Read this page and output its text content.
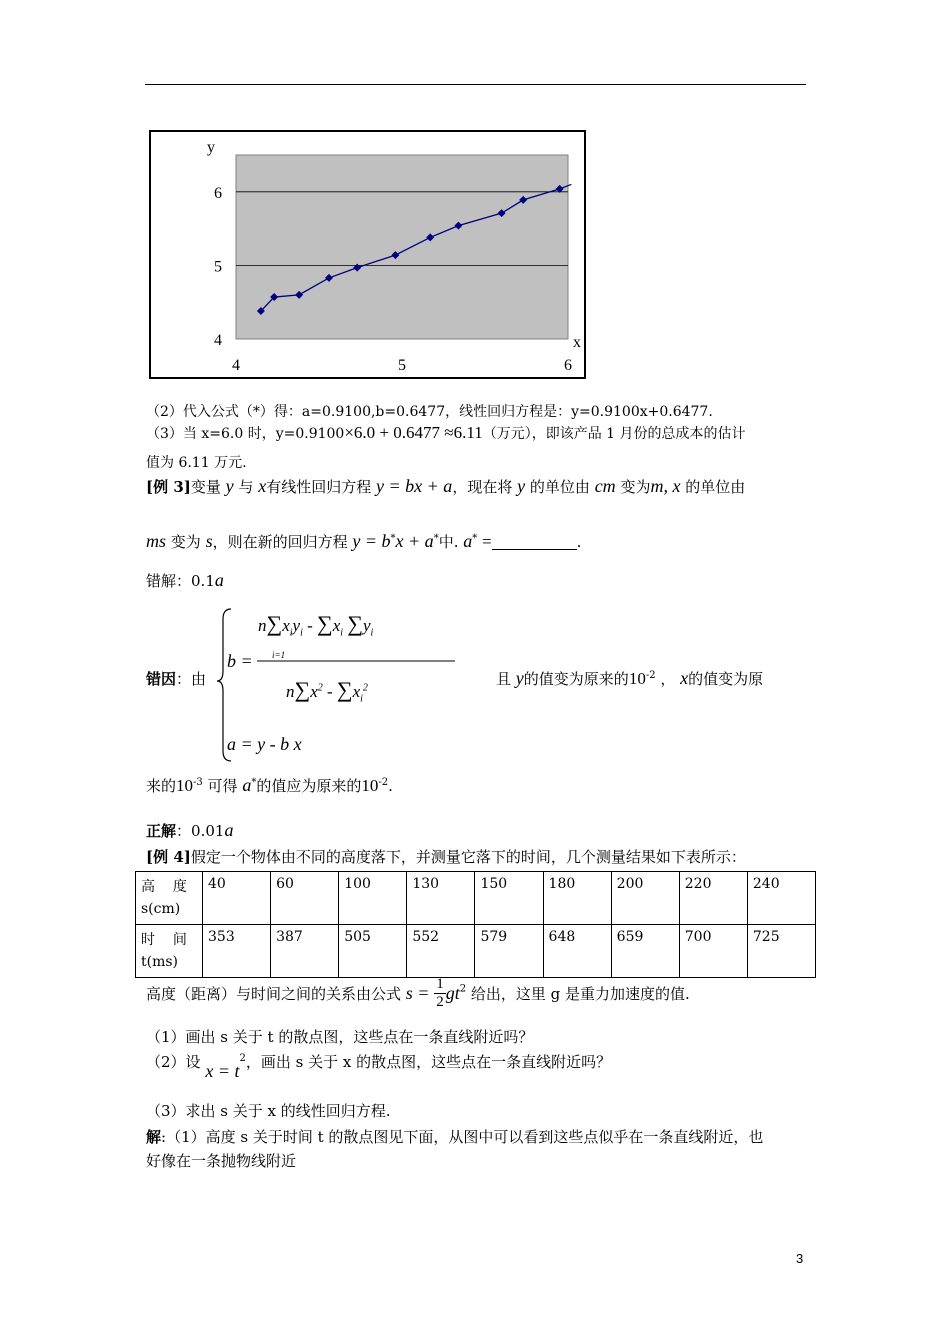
4
5
6
4	5	6
y
x
（2）代入公式（*）得：a=0.9100,b=0.6477，线性回归方程是：y=0.9100x+0.6477.
（3）当 x=6.0 时，y=0.9100×6.0 + 0.6477 ≈6.11（万元），即该产品 1 月份的总成本的估计
值为 6.11 万元.
[例 3]变量 y 与 x有线性回归方程 y = bx + a，现在将 y 的单位由 cm 变为m, x 的单位由
ms 变为 s，则在新的回归方程 y = b*x + a*中. a* =	.
错解：0.1a
错因：由
b =
$n\sum x_iy_i - \sum x_i$ $\sum y_i$
i=1
$n\sum x^2 - \sum x_i^2$
a = y - b x
且 y的值变为原来的$10^{-2}$ ， x的值变为原
来的$10^{-3}$ 可得 a*的值应为原来的$10^{-2}$.
正解：0.01a
[例 4]假定一个物体由不同的高度落下，并测量它落下的时间，几个测量结果如下表所示：
高 度
s(cm)	40	60	100	130	150	180	200	220	240
时 间
t(ms)	353	387	505	552	579	648	659	700	725
高度（距离）与时间之间的关系由公式 $s = \frac{1}{2} gt^2$ 给出，这里 g 是重力加速度的值.
（1）画出 s 关于 t 的散点图，这些点在一条直线附近吗？
（2）设 $x = t^2$，画出 s 关于 x 的散点图，这些点在一条直线附近吗？
（3）求出 s 关于 x 的线性回归方程.
解:（1）高度 s 关于时间 t 的散点图见下面，从图中可以看到这些点似乎在一条直线附近，也
好像在一条抛物线附近
3
